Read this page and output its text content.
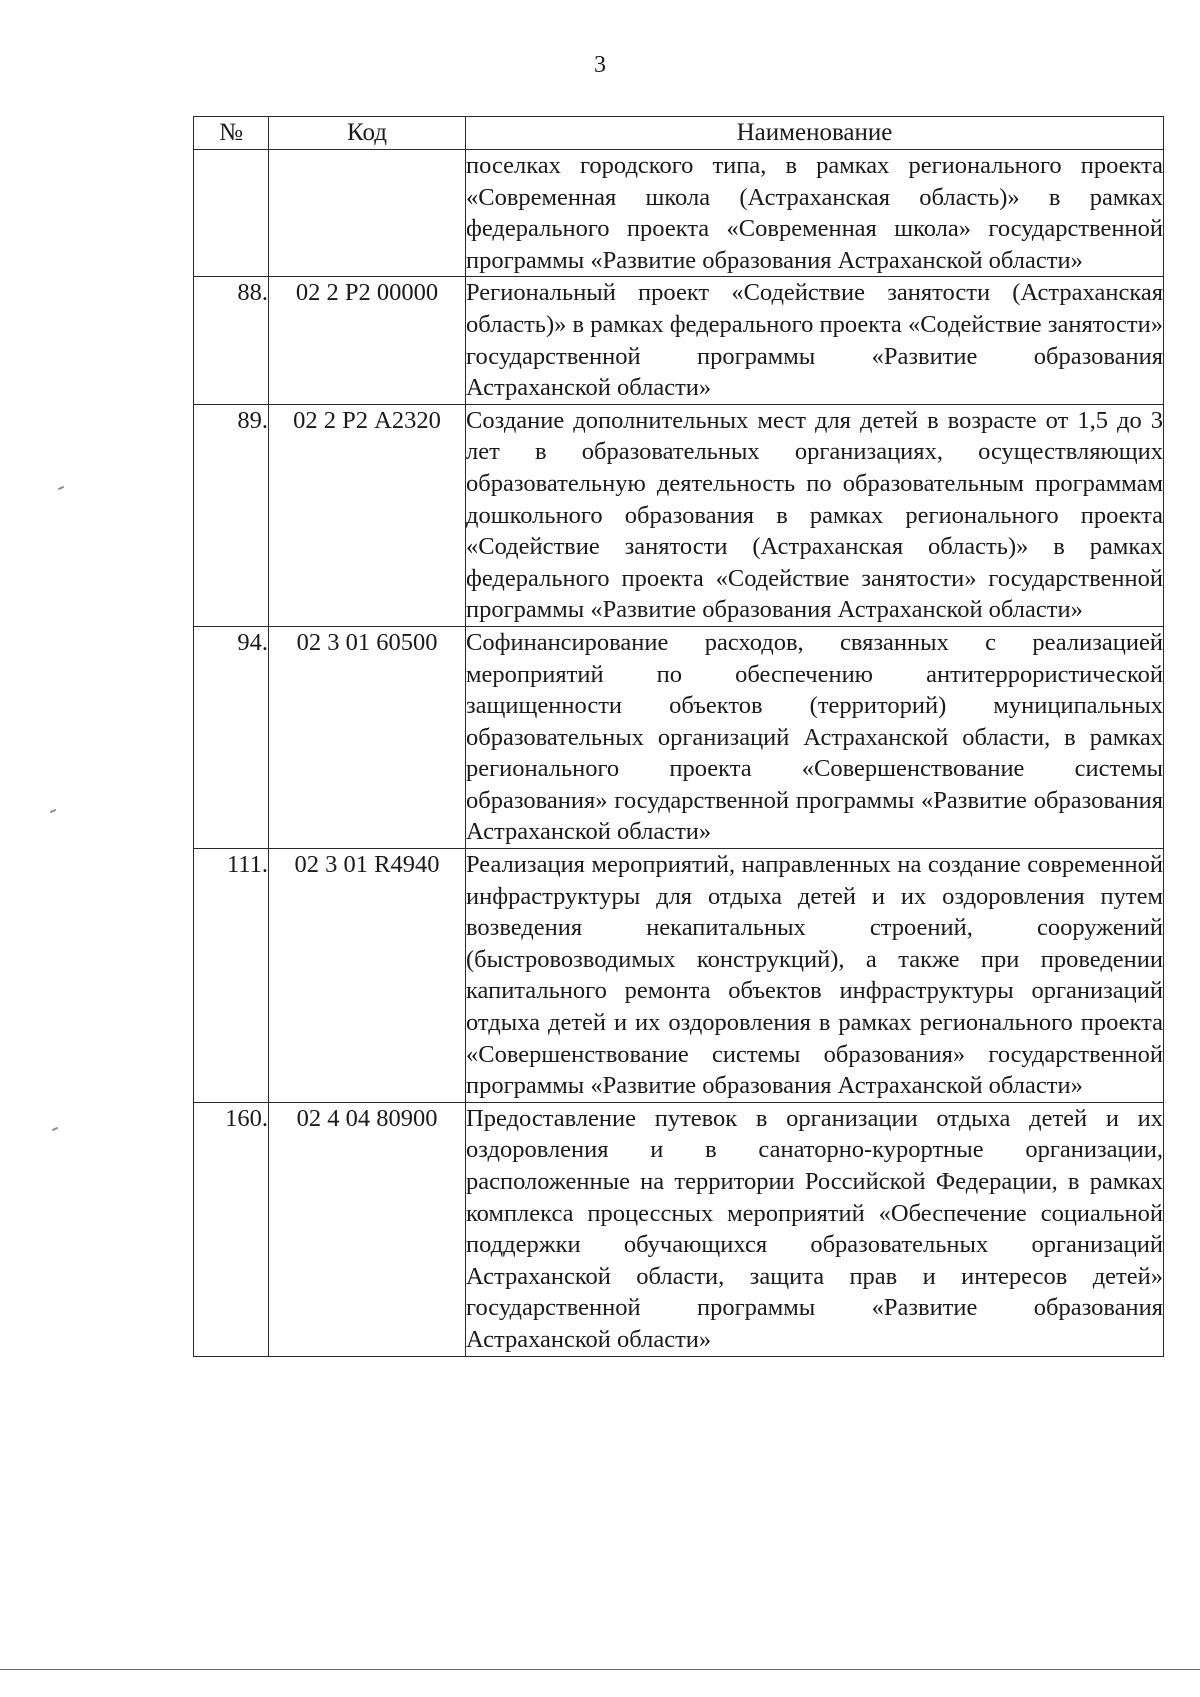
3
№	Код	Наименование
		поселках городского типа, в рамках регионального проекта «Современная школа (Астраханская область)» в рамках федерального проекта «Современная школа» государственной программы «Развитие образования Астраханской области»
88.	02 2 Р2 00000	Региональный проект «Содействие занятости (Астраханская область)» в рамках федерального проекта «Содействие занятости» государственной программы «Развитие образования Астраханской области»
89.	02 2 Р2 А2320	Создание дополнительных мест для детей в возрасте от 1,5 до 3 лет в образовательных организациях, осуществляющих образовательную деятельность по образовательным программам дошкольного образования в рамках регионального проекта «Содействие занятости (Астраханская область)» в рамках федерального проекта «Содействие занятости» государственной программы «Развитие образования Астраханской области»
94.	02 3 01 60500	Софинансирование расходов, связанных с реализацией мероприятий по обеспечению антитеррористической защищенности объектов (территорий) муниципальных образовательных организаций Астраханской области, в рамках регионального проекта «Совершенствование системы образования» государственной программы «Развитие образования Астраханской области»
111.	02 3 01 R4940	Реализация мероприятий, направленных на создание современной инфраструктуры для отдыха детей и их оздоровления путем возведения некапитальных строений, сооружений (быстровозводимых конструкций), а также при проведении капитального ремонта объектов инфраструктуры организаций отдыха детей и их оздоровления в рамках регионального проекта «Совершенствование системы образования» государственной программы «Развитие образования Астраханской области»
160.	02 4 04 80900	Предоставление путевок в организации отдыха детей и их оздоровления и в санаторно-курортные организации, расположенные на территории Российской Федерации, в рамках комплекса процессных мероприятий «Обеспечение социальной поддержки обучающихся образовательных организаций Астраханской области, защита прав и интересов детей» государственной программы «Развитие образования Астраханской области»
